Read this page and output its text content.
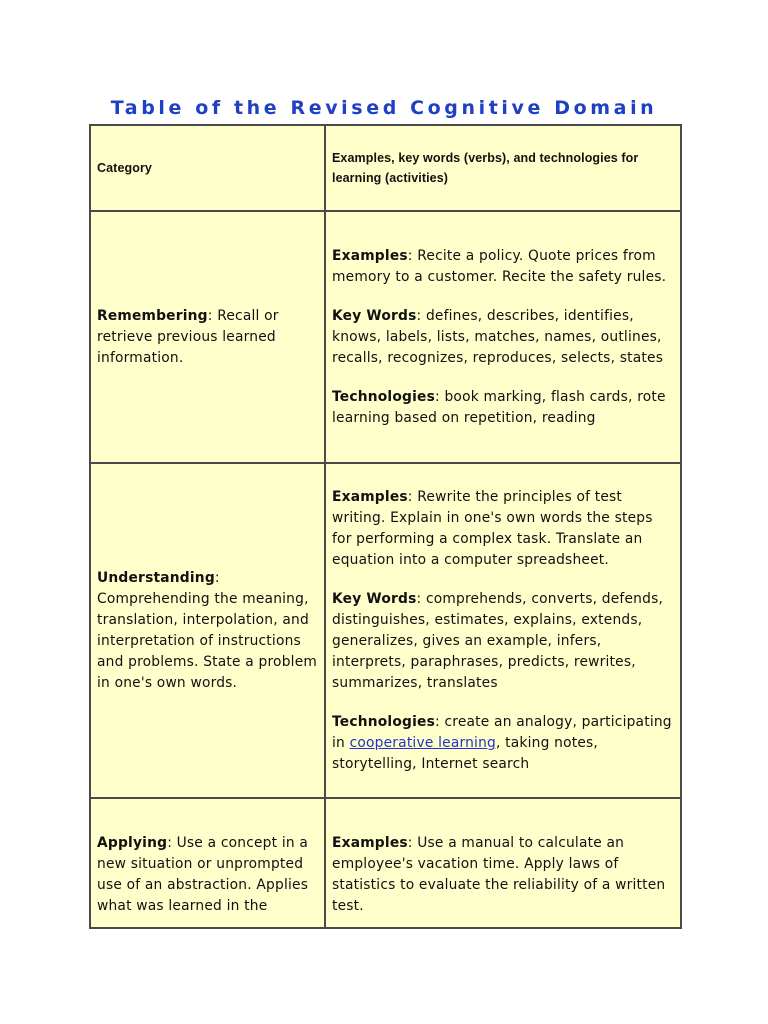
Table of the Revised Cognitive Domain
Category	Examples, key words (verbs), and technologies for learning (activities)
Remembering: Recall or retrieve previous learned information.	Examples: Recite a policy. Quote prices from memory to a customer. Recite the safety rules.

Key Words: defines, describes, identifies, knows, labels, lists, matches, names, outlines, recalls, recognizes, reproduces, selects, states

Technologies: book marking, flash cards, rote learning based on repetition, reading

Understanding: Comprehending the meaning, translation, interpolation, and interpretation of instructions and problems. State a problem in one's own words.	Examples: Rewrite the principles of test writing. Explain in one's own words the steps for performing a complex task. Translate an equation into a computer spreadsheet.

Key Words: comprehends, converts, defends, distinguishes, estimates, explains, extends, generalizes, gives an example, infers, interprets, paraphrases, predicts, rewrites, summarizes, translates

Technologies: create an analogy, participating in cooperative learning, taking notes, storytelling, Internet search

Applying: Use a concept in a new situation or unprompted use of an abstraction. Applies what was learned in the	Examples: Use a manual to calculate an employee's vacation time. Apply laws of statistics to evaluate the reliability of a written test.
